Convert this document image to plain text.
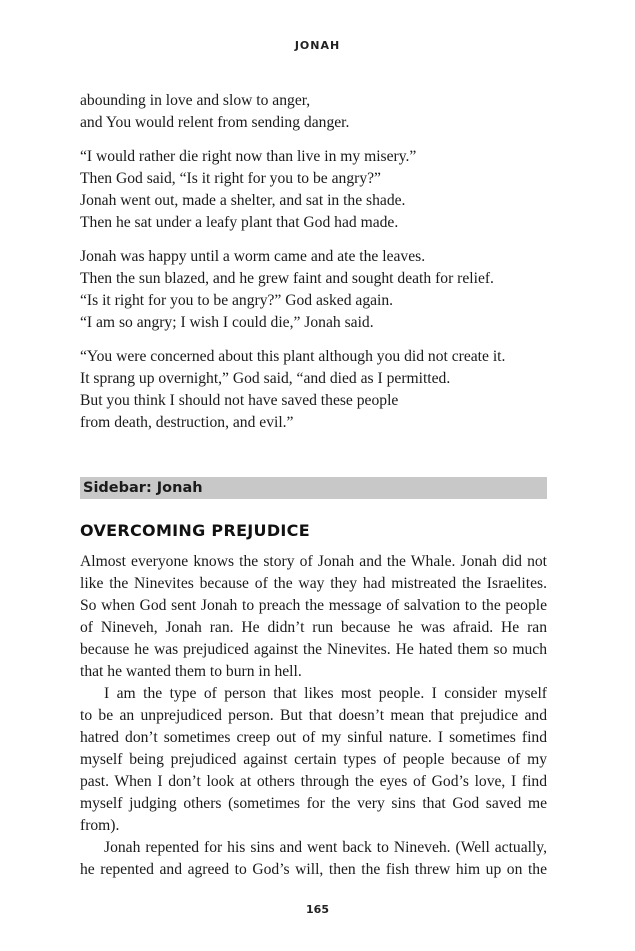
JONAH
abounding in love and slow to anger,
and You would relent from sending danger.
“I would rather die right now than live in my misery.”
Then God said, “Is it right for you to be angry?”
Jonah went out, made a shelter, and sat in the shade.
Then he sat under a leafy plant that God had made.
Jonah was happy until a worm came and ate the leaves.
Then the sun blazed, and he grew faint and sought death for relief.
“Is it right for you to be angry?” God asked again.
“I am so angry; I wish I could die,” Jonah said.
“You were concerned about this plant although you did not create it.
It sprang up overnight,” God said, “and died as I permitted.
But you think I should not have saved these people
from death, destruction, and evil.”
Sidebar: Jonah
OVERCOMING PREJUDICE
Almost everyone knows the story of Jonah and the Whale. Jonah did not
like the Ninevites because of the way they had mistreated the Israelites.
So when God sent Jonah to preach the message of salvation to the people
of Nineveh, Jonah ran. He didn’t run because he was afraid. He ran
because he was prejudiced against the Ninevites. He hated them so much
that he wanted them to burn in hell.
I am the type of person that likes most people. I consider myself
to be an unprejudiced person. But that doesn’t mean that prejudice and
hatred don’t sometimes creep out of my sinful nature. I sometimes find
myself being prejudiced against certain types of people because of my
past. When I don’t look at others through the eyes of God’s love, I find
myself judging others (sometimes for the very sins that God saved me
from).
Jonah repented for his sins and went back to Nineveh. (Well actually,
he repented and agreed to God’s will, then the fish threw him up on the
165
